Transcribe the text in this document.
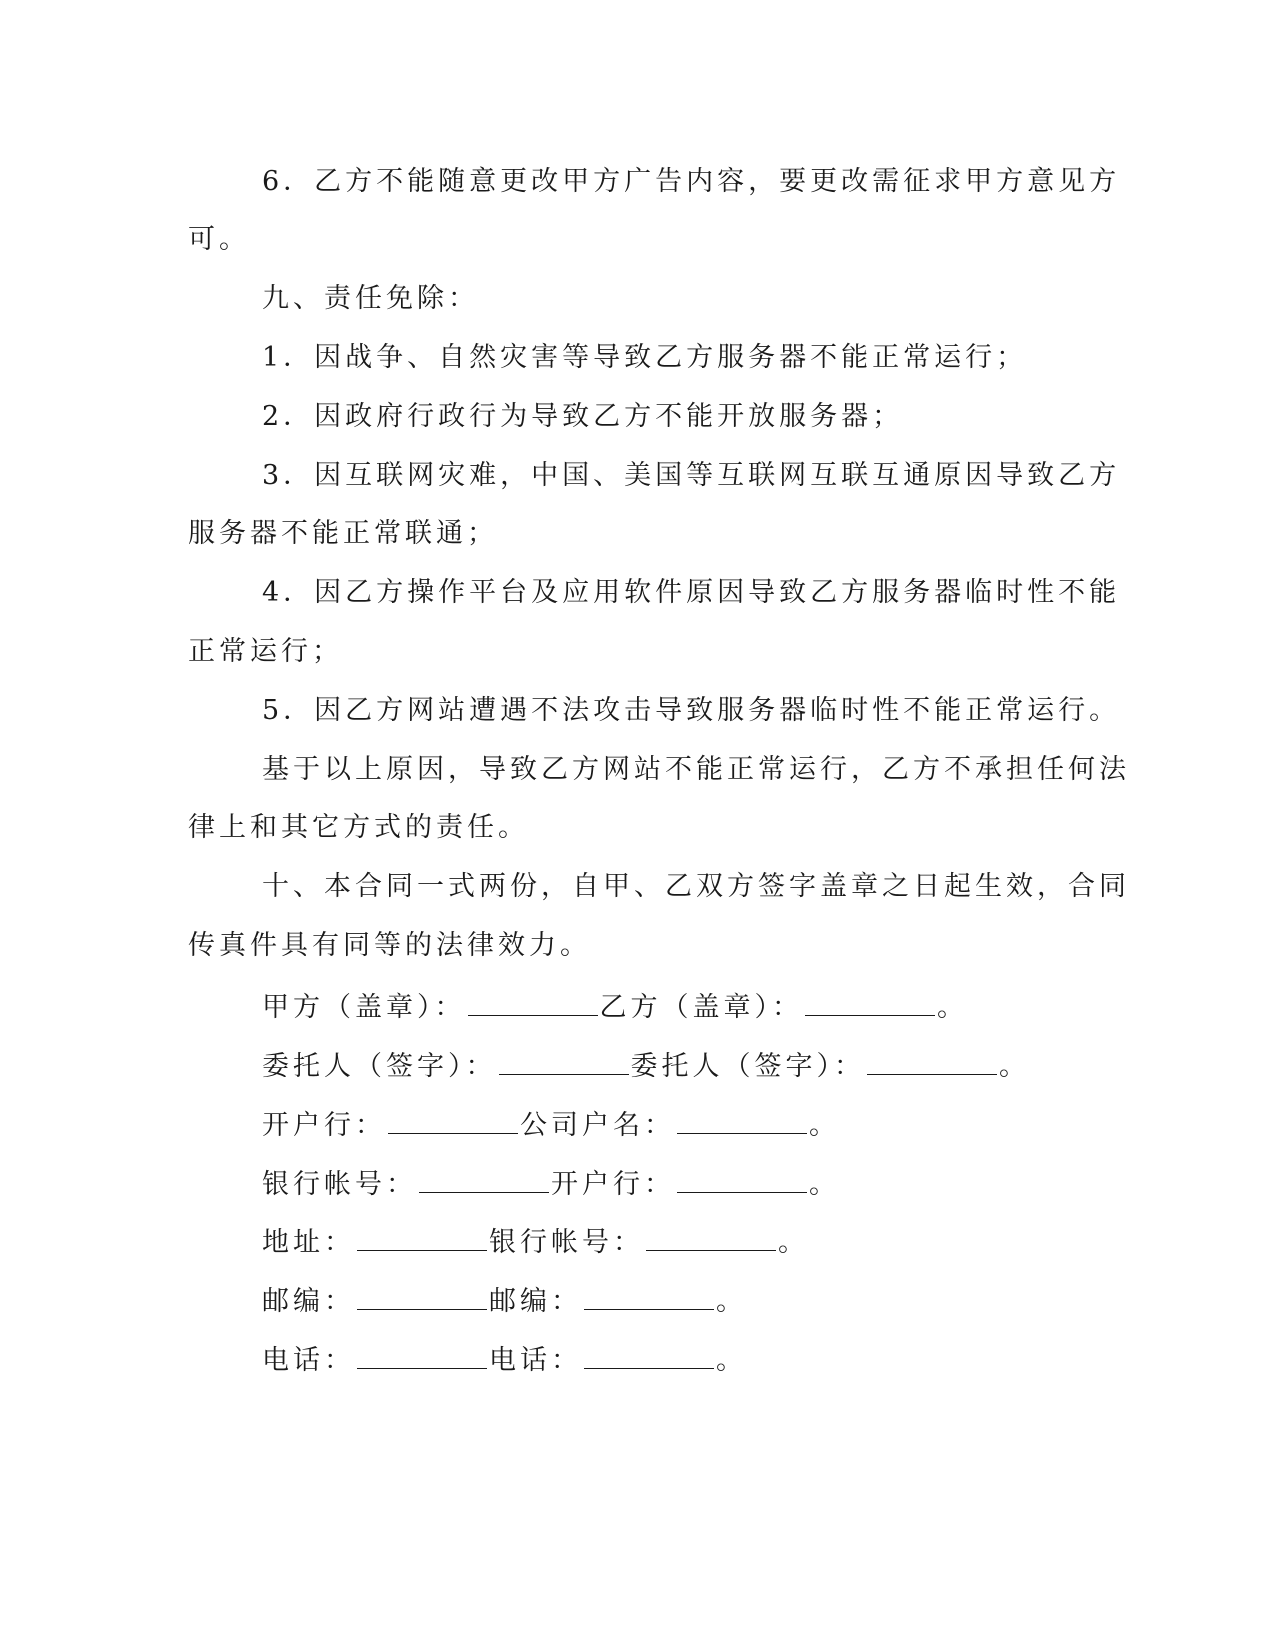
6．乙方不能随意更改甲方广告内容，要更改需征求甲方意见方
可。
九、责任免除：
1．因战争、自然灾害等导致乙方服务器不能正常运行；
2．因政府行政行为导致乙方不能开放服务器；
3．因互联网灾难，中国、美国等互联网互联互通原因导致乙方
服务器不能正常联通；
4．因乙方操作平台及应用软件原因导致乙方服务器临时性不能
正常运行；
5．因乙方网站遭遇不法攻击导致服务器临时性不能正常运行。
基于以上原因，导致乙方网站不能正常运行，乙方不承担任何法
律上和其它方式的责任。
十、本合同一式两份，自甲、乙双方签字盖章之日起生效，合同
传真件具有同等的法律效力。
甲方（盖章）：	乙方（盖章）：	。
委托人（签字）：	委托人（签字）：	。
开户行：	公司户名：	。
银行帐号：	开户行：	。
地址：	银行帐号：	。
邮编：	邮编：	。
电话：	电话：	。
